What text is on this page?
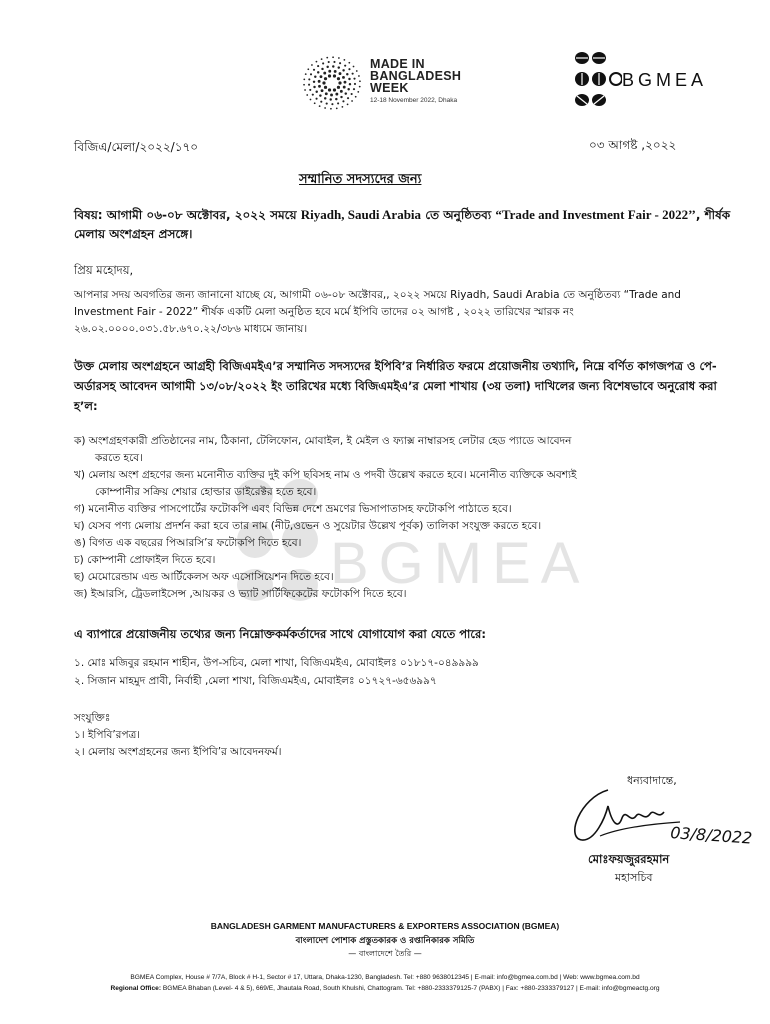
MADE IN
BANGLADESH
WEEK
12-18 November 2022, Dhaka
BGMEA
বিজিএ/মেলা/২০২২/১৭০	০৩ আগষ্ট ,২০২২
সম্মানিত সদস্যদের জন্য
বিষয়: আগামী ০৬-০৮ অক্টোবর, ২০২২ সময়ে Riyadh, Saudi Arabia তে অনুষ্ঠিতব্য “Trade and Investment Fair - 2022’’, শীর্ষক মেলায় অংশগ্রহন প্রসঙ্গে।
প্রিয় মহোদয়,
আপনার সদয় অবগতির জন্য জানানো যাচ্ছে যে, আগামী ০৬-০৮ অক্টোবর,, ২০২২ সময়ে Riyadh, Saudi Arabia তে অনুষ্ঠিতব্য “Trade and Investment Fair - 2022” শীর্ষক একটি মেলা অনুষ্ঠিত হবে মর্মে ইপিবি তাদের ০২ আগষ্ট , ২০২২ তারিখের স্মারক নং ২৬.০২.০০০০.০৩১.৫৮.৬৭০.২২/৩৮৬ মাধ্যমে জানায়।
উক্ত মেলায় অংশগ্রহনে আগ্রহী বিজিএমইএ’র সম্মানিত সদস্যদের ইপিবি’র নির্ধারিত ফরমে প্রয়োজনীয় তথ্যাদি, নিম্নে বর্ণিত কাগজপত্র ও পে-অর্ডারসহ আবেদন আগামী ১৩/০৮/২০২২ ইং তারিখের মধ্যে বিজিএমইএ’র মেলা শাখায় (৩য় তলা) দাখিলের জন্য বিশেষভাবে অনুরোধ করা হ’ল:
BGMEA
ক) অংশগ্রহণকারী প্রতিষ্ঠানের নাম, ঠিকানা, টেলিফোন, মোবাইল, ই মেইল ও ফ্যাক্স নাম্বারসহ লেটার হেড প্যাডে আবেদন
করতে হবে।
খ) মেলায় অংশ গ্রহণের জন্য মনোনীত ব্যক্তির দুই কপি ছবিসহ নাম ও পদবী উল্লেখ করতে হবে। মনোনীত ব্যক্তিকে অবশ্যই
কোম্পানীর সক্রিয় শেয়ার হোল্ডার ডাইরেক্টর হতে হবে।
গ) মনোনীত ব্যক্তির পাসপোর্টের ফটোকপি এবং বিভিন্ন দেশে ভ্রমণের ভিসাপাতাসহ ফটোকপি পাঠাতে হবে।
ঘ) যেসব পণ্য মেলায় প্রদর্শন করা হবে তার নাম (নীট,ওভেন ও সুয়েটার উল্লেখ পূর্বক) তালিকা সংযুক্ত করতে হবে।
ঙ) বিগত এক বছরের পিআরসি’র ফটোকপি দিতে হবে।
চ) কোম্পানী প্রোফাইল দিতে হবে।
ছ) মেমোরেন্ডাম এন্ড আর্টিকেলস অফ এসোসিয়েশন দিতে হবে।
জ) ইআরসি, ট্রেডলাইসেন্স ,আয়কর ও ভ্যাট সার্টিফিকেটের ফটোকপি দিতে হবে।
এ ব্যাপারে প্রয়োজনীয় তথ্যের জন্য নিম্নোক্তকর্মকর্তাদের সাথে যোগাযোগ করা যেতে পারে:
১. মোঃ মজিবুর রহমান শাহীন, উপ-সচিব, মেলা শাখা, বিজিএমইএ, মোবাইলঃ ০১৮১৭-০৪৯৯৯৯
২. সিজান মাহমুদ প্রাবী, নির্বাহী ,মেলা শাখা, বিজিএমইএ, মোবাইলঃ ০১৭২৭-৬৫৬৯৯৭
সংযুক্তিঃ
১। ইপিবি’রপত্র।
২। মেলায় অংশগ্রহনের জন্য ইপিবি’র আবেদনফর্ম।
ধন্যবাদান্তে,
03/8/2022
মোঃফয়জুররহমান
মহাসচিব
BANGLADESH GARMENT MANUFACTURERS & EXPORTERS ASSOCIATION (BGMEA)
বাংলাদেশ পোশাক প্রস্তুতকারক ও রপ্তানিকারক সমিতি
— বাংলাদেশে তৈরি —
BGMEA Complex, House # 7/7A, Block # H-1, Sector # 17, Uttara, Dhaka-1230, Bangladesh. Tel: +880 9638012345 | E-mail: info@bgmea.com.bd | Web: www.bgmea.com.bd
Regional Office: BGMEA Bhaban (Level- 4 & 5), 669/E, Jhautala Road, South Khulshi, Chattogram. Tel: +880-2333379125-7 (PABX) | Fax: +880-2333379127 | E-mail: info@bgmeactg.org
